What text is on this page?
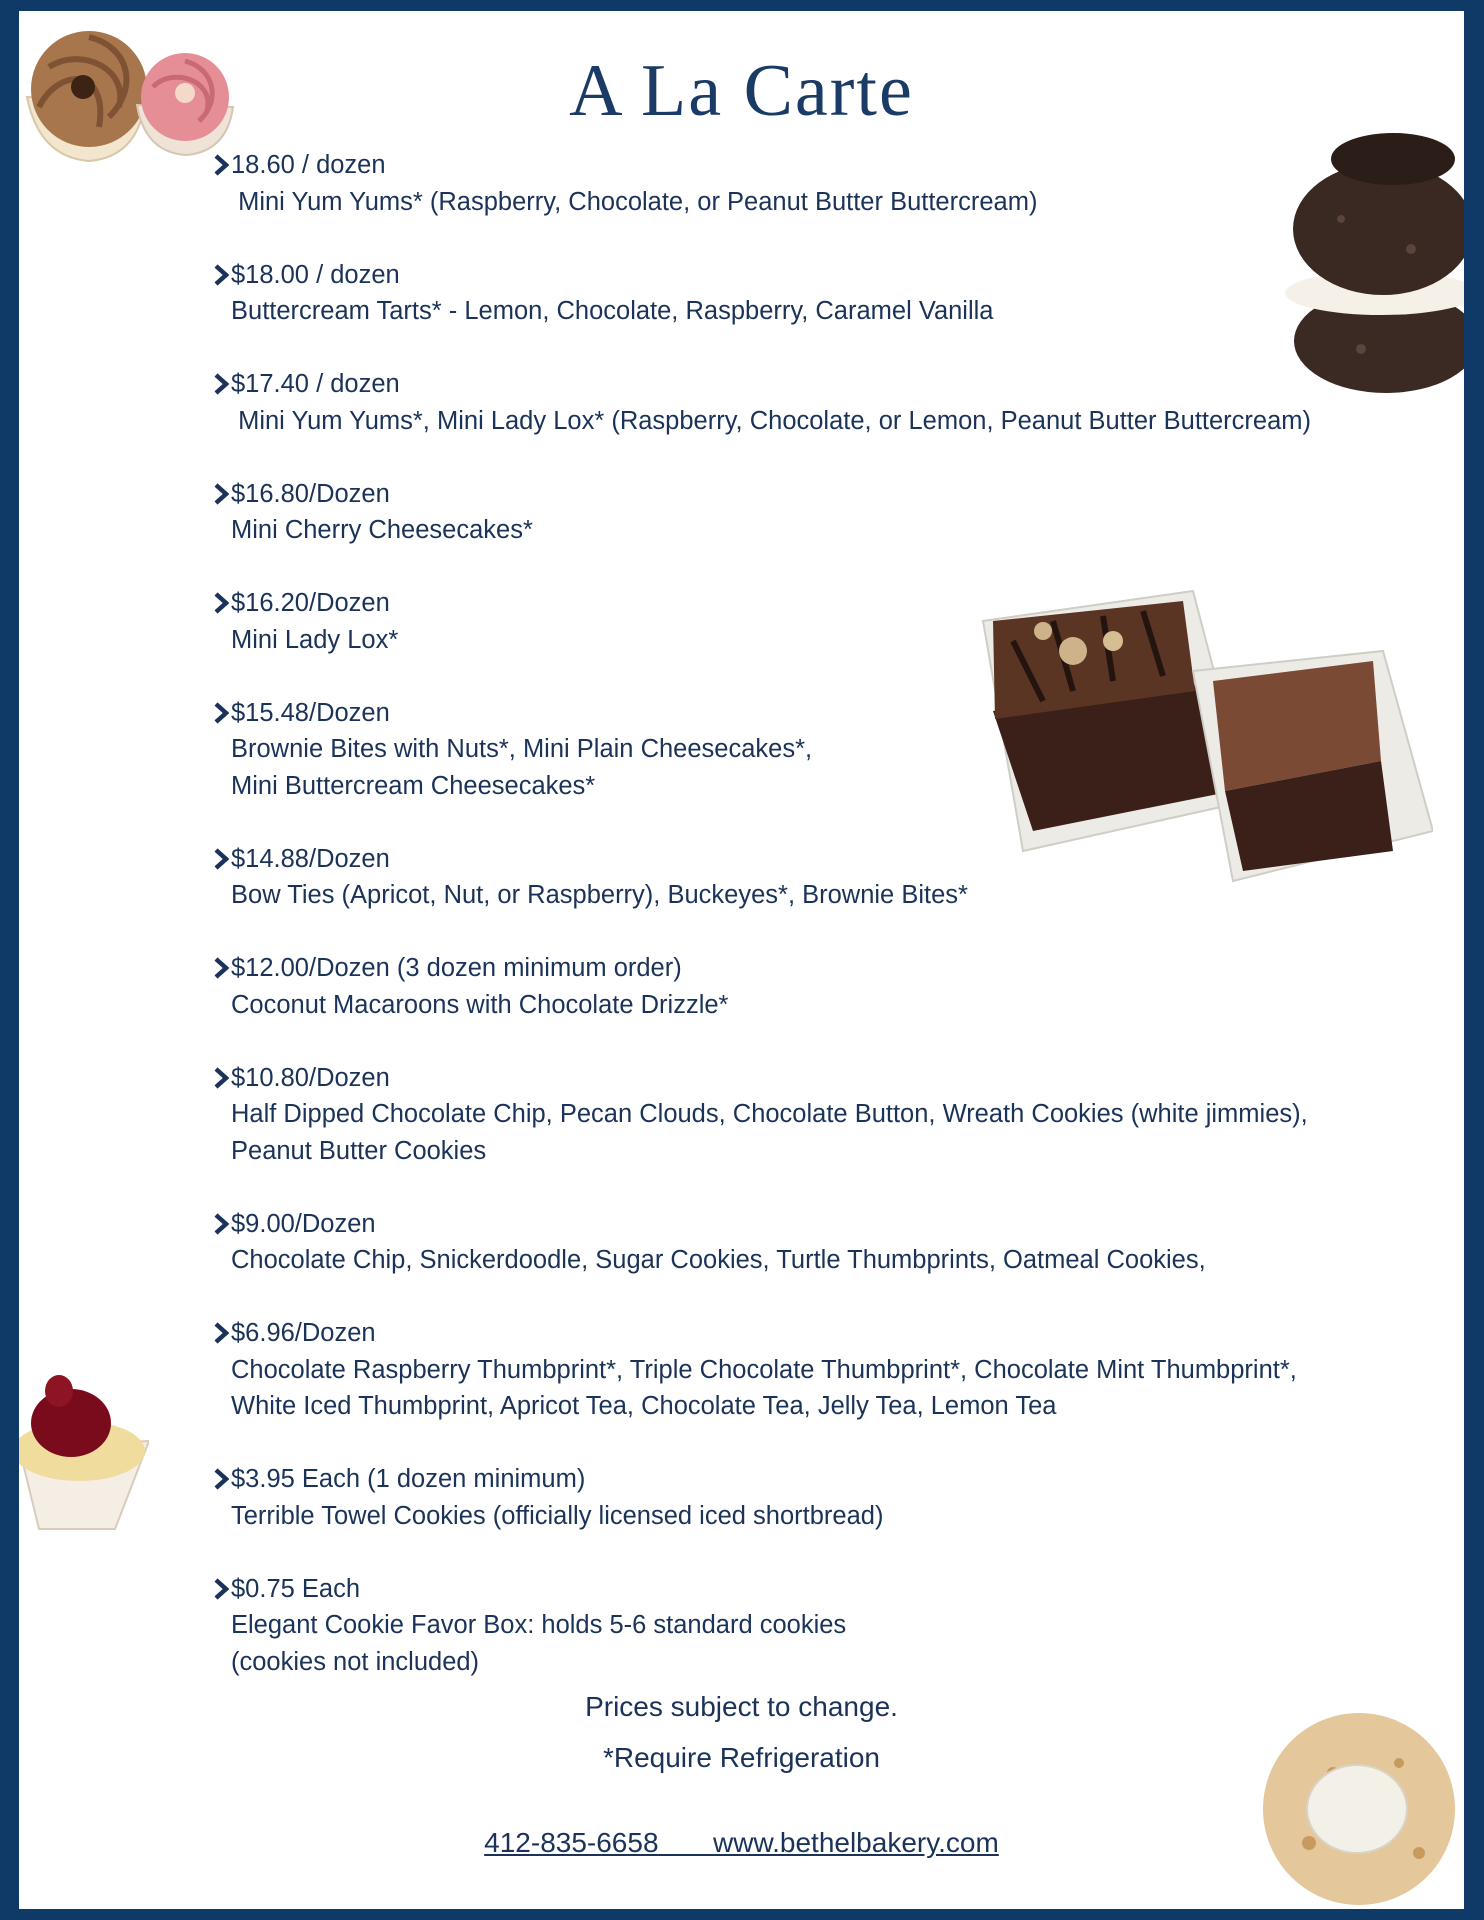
A La Carte
18.60 / dozen
Mini Yum Yums* (Raspberry, Chocolate, or Peanut Butter Buttercream)
$18.00 / dozen
Buttercream Tarts* - Lemon, Chocolate, Raspberry, Caramel Vanilla
$17.40 / dozen
Mini Yum Yums*, Mini Lady Lox* (Raspberry, Chocolate, or Lemon, Peanut Butter Buttercream)
$16.80/Dozen
Mini Cherry Cheesecakes*
$16.20/Dozen
Mini Lady Lox*
$15.48/Dozen
Brownie Bites with Nuts*, Mini Plain Cheesecakes*,
Mini Buttercream Cheesecakes*
$14.88/Dozen
Bow Ties (Apricot, Nut, or Raspberry), Buckeyes*, Brownie Bites*
$12.00/Dozen (3 dozen minimum order)
Coconut Macaroons with Chocolate Drizzle*
$10.80/Dozen
Half Dipped Chocolate Chip, Pecan Clouds, Chocolate Button, Wreath Cookies (white jimmies),
Peanut Butter Cookies
$9.00/Dozen
Chocolate Chip, Snickerdoodle, Sugar Cookies, Turtle Thumbprints, Oatmeal Cookies,
$6.96/Dozen
Chocolate Raspberry Thumbprint*, Triple Chocolate Thumbprint*, Chocolate Mint Thumbprint*,
White Iced Thumbprint, Apricot Tea, Chocolate Tea, Jelly Tea, Lemon Tea
$3.95 Each (1 dozen minimum)
Terrible Towel Cookies (officially licensed iced shortbread)
$0.75 Each
Elegant Cookie Favor Box: holds 5-6 standard cookies
(cookies not included)
Prices subject to change.
*Require Refrigeration
412-835-6658 www.bethelbakery.com
